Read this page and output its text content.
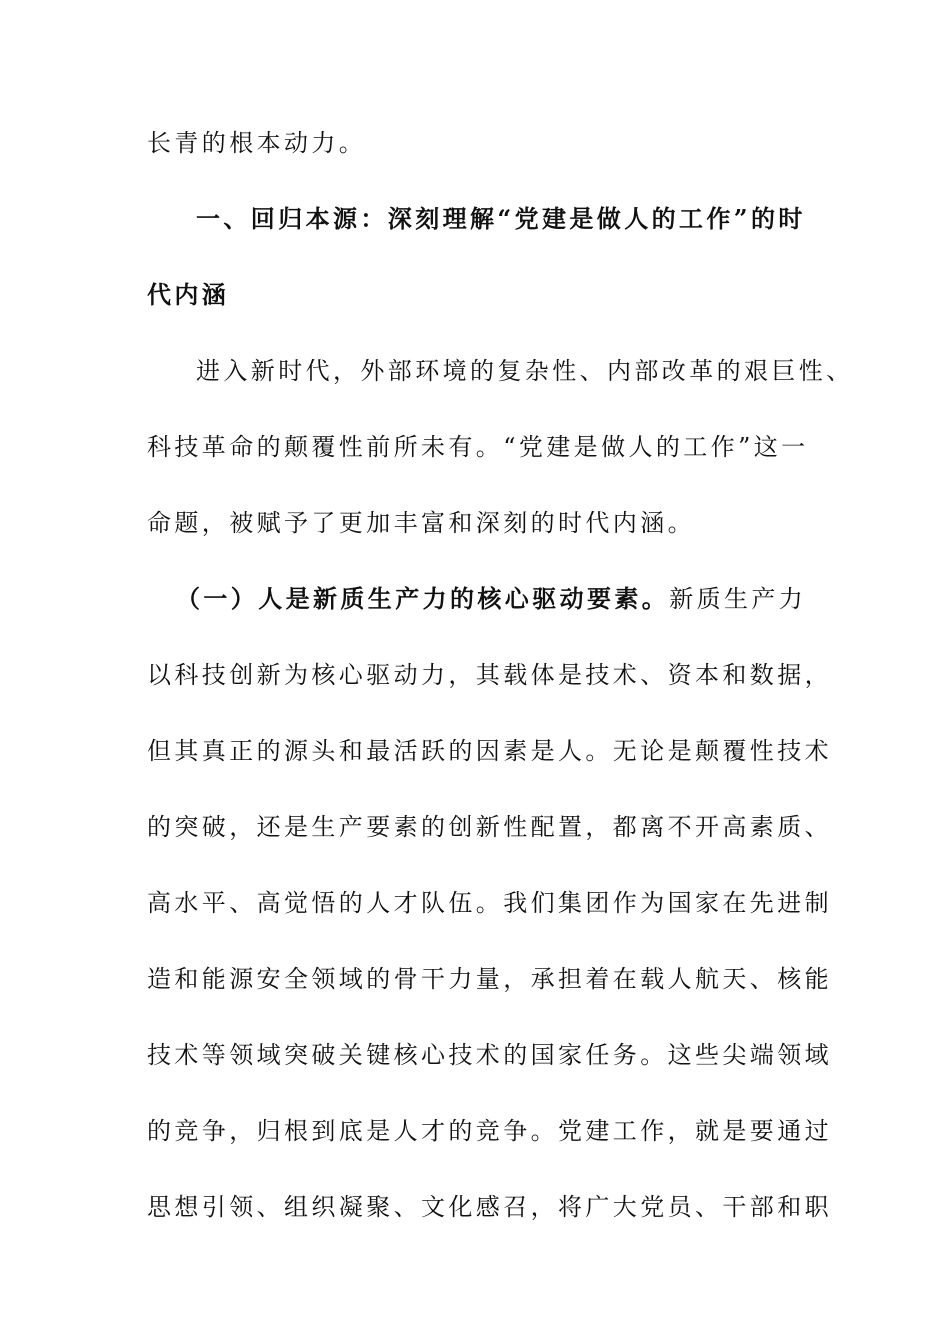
长青的根本动力。
一、回归本源：深刻理解“党建是做人的工作”的时
代内涵
进入新时代，外部环境的复杂性、内部改革的艰巨性、
科技革命的颠覆性前所未有。“党建是做人的工作”这一
命题，被赋予了更加丰富和深刻的时代内涵。
（一）人是新质生产力的核心驱动要素。新质生产力
以科技创新为核心驱动力，其载体是技术、资本和数据，
但其真正的源头和最活跃的因素是人。无论是颠覆性技术
的突破，还是生产要素的创新性配置，都离不开高素质、
高水平、高觉悟的人才队伍。我们集团作为国家在先进制
造和能源安全领域的骨干力量，承担着在载人航天、核能
技术等领域突破关键核心技术的国家任务。这些尖端领域
的竞争，归根到底是人才的竞争。党建工作，就是要通过
思想引领、组织凝聚、文化感召，将广大党员、干部和职
